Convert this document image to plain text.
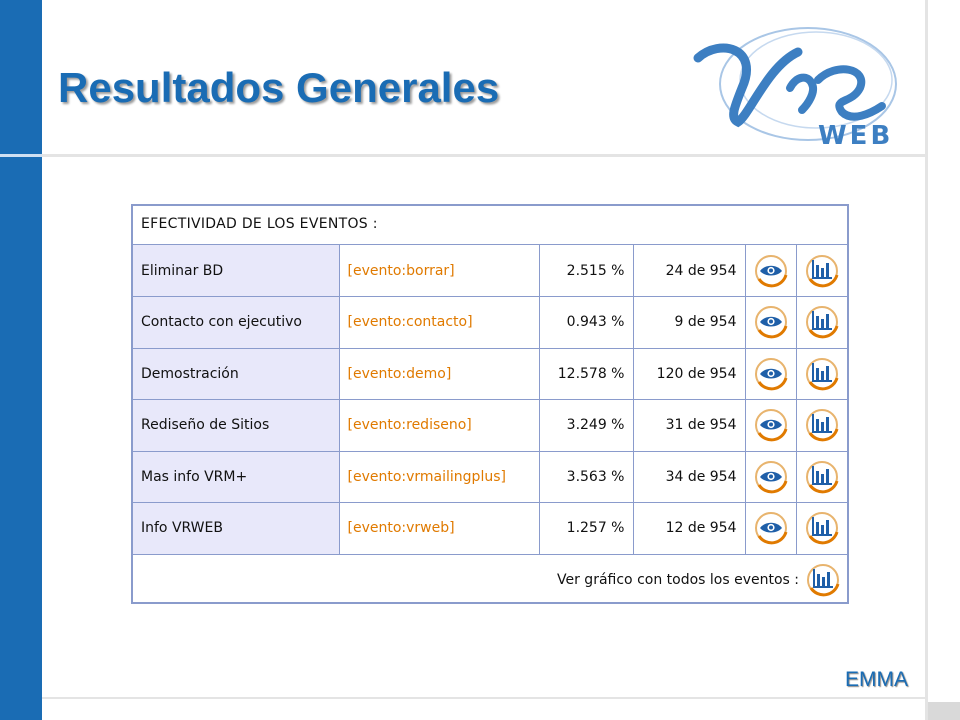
Resultados Generales
WEB
EFECTIVIDAD DE LOS EVENTOS :
Eliminar BD	[evento:borrar]	2.515 %	24 de 954		
Contacto con ejecutivo	[evento:contacto]	0.943 %	9 de 954		
Demostración	[evento:demo]	12.578 %	120 de 954		
Rediseño de Sitios	[evento:rediseno]	3.249 %	31 de 954		
Mas info VRM+	[evento:vrmailingplus]	3.563 %	34 de 954		
Info VRWEB	[evento:vrweb]	1.257 %	12 de 954		
Ver gráfico con todos los eventos :
EMMA
